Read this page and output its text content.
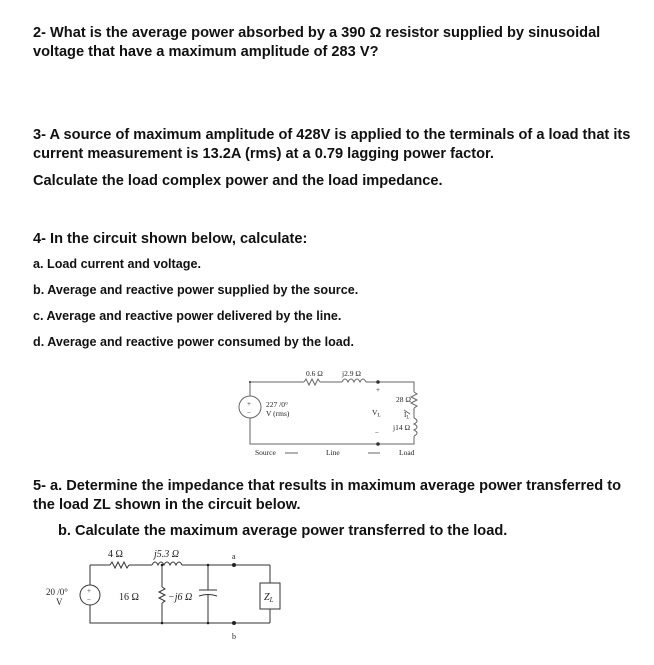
2- What is the average power absorbed by a 390 Ω resistor supplied by sinusoidal
voltage that have a maximum amplitude of 283 V?
3- A source of maximum amplitude of 428V is applied to the terminals of a load that its
current measurement is 13.2A (rms) at a 0.79 lagging power factor.
Calculate the load complex power and the load impedance.
4- In the circuit shown below, calculate:
a. Load current and voltage.
b. Average and reactive power supplied by the source.
c. Average and reactive power delivered by the line.
d. Average and reactive power consumed by the load.
0.6 Ω	j2.9 Ω
+
−
227 /0°
V (rms)
+
$V_L$
−
28 Ω
$I_L$
j14 Ω
Source	Line	Load
5- a. Determine the impedance that results in maximum average power transferred to
the load ZL shown in the circuit below.
b. Calculate the maximum average power transferred to the load.
4 Ω	j5.3 Ω	a
20 /0°
V
+
−	16 Ω	−j6 Ω	$Z_L$
b
